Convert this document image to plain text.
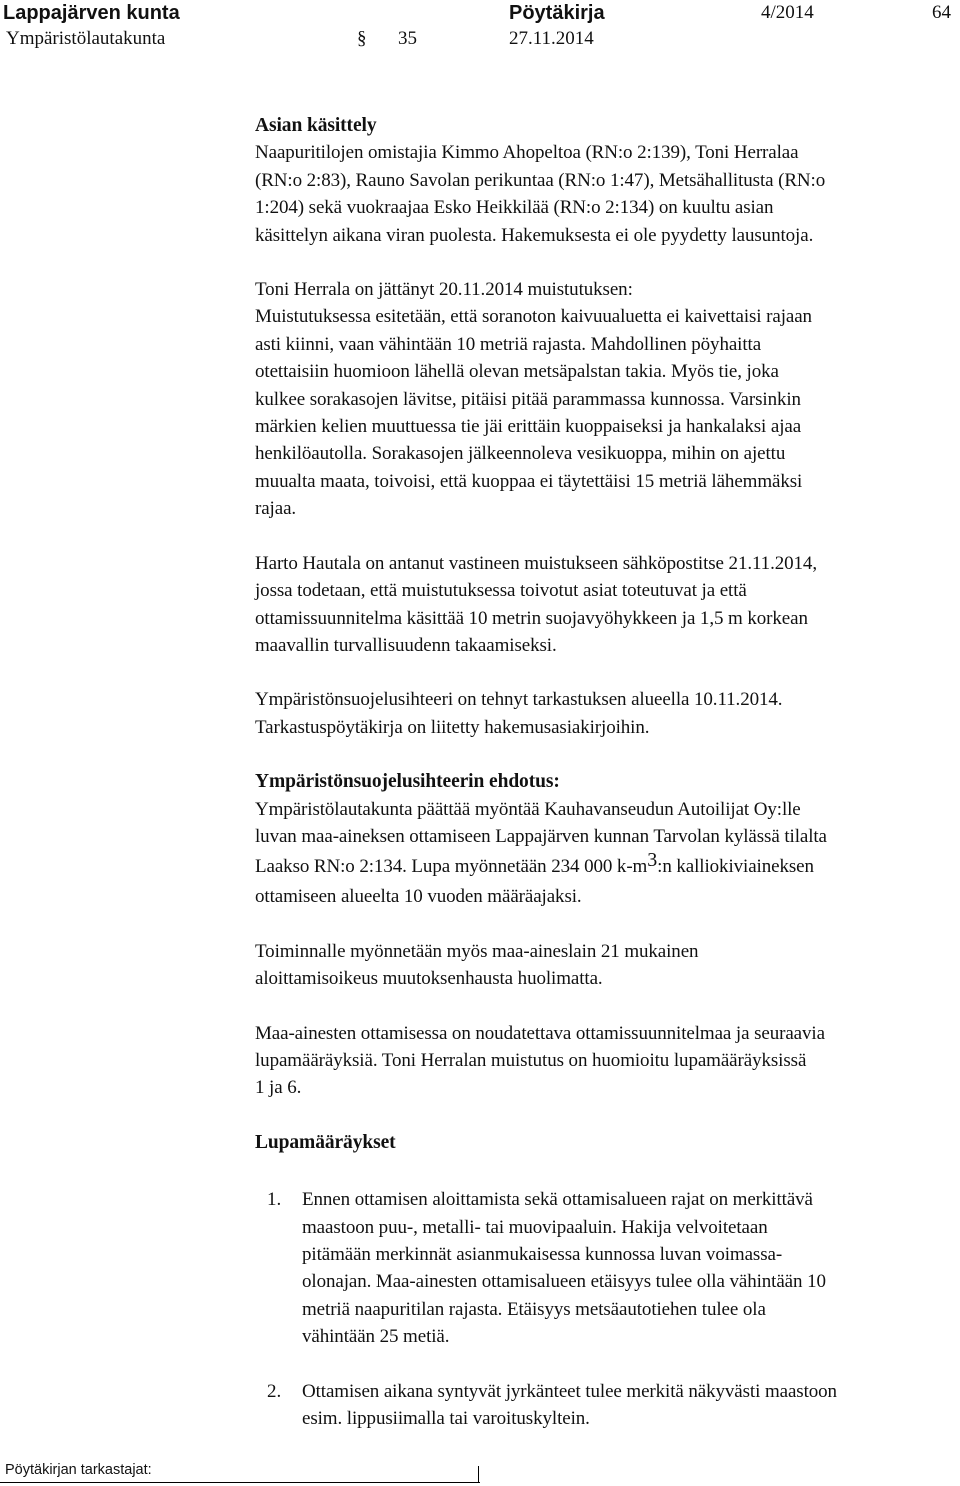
Lappajärven kunta	Pöytäkirja	4/2014	64
Ympäristölautakunta	§ 35	27.11.2014

Asian käsittely

Naapuritilojen omistajia Kimmo Ahopeltoa (RN:o 2:139), Toni Herralaa

(RN:o 2:83), Rauno Savolan perikuntaa (RN:o 1:47), Metsähallitusta (RN:o

1:204) sekä vuokraajaa Esko Heikkilää (RN:o 2:134) on kuultu asian

käsittelyn aikana viran puolesta. Hakemuksesta ei ole pyydetty lausuntoja.

Toni Herrala on jättänyt 20.11.2014 muistutuksen:

Muistutuksessa esitetään, että soranoton kaivuualuetta ei kaivettaisi rajaan

asti kiinni, vaan vähintään 10 metriä rajasta. Mahdollinen pöyhaitta

otettaisiin huomioon lähellä olevan metsäpalstan takia. Myös tie, joka

kulkee sorakasojen lävitse, pitäisi pitää parammassa kunnossa. Varsinkin

märkien kelien muuttuessa tie jäi erittäin kuoppaiseksi ja hankalaksi ajaa

henkilöautolla. Sorakasojen jälkeennoleva vesikuoppa, mihin on ajettu

muualta maata, toivoisi, että kuoppaa ei täytettäisi 15 metriä lähemmäksi

rajaa.

Harto Hautala on antanut vastineen muistukseen sähköpostitse 21.11.2014,

jossa todetaan, että muistutuksessa toivotut asiat toteutuvat ja että

ottamissuunnitelma käsittää 10 metrin suojavyöhykkeen ja 1,5 m korkean

maavallin turvallisuudenn takaamiseksi.

Ympäristönsuojelusihteeri on tehnyt tarkastuksen alueella 10.11.2014.

Tarkastuspöytäkirja on liitetty hakemusasiakirjoihin.

Ympäristönsuojelusihteerin ehdotus:

Ympäristölautakunta päättää myöntää Kauhavanseudun Autoilijat Oy:lle

luvan maa-aineksen ottamiseen Lappajärven kunnan Tarvolan kylässä tilalta

Laakso RN:o 2:134. Lupa myönnetään 234 000 k-m3:n kalliokiviaineksen

ottamiseen alueelta 10 vuoden määräajaksi.

Toiminnalle myönnetään myös maa-aineslain 21 mukainen

aloittamisoikeus muutoksenhausta huolimatta.

Maa-ainesten ottamisessa on noudatettava ottamissuunnitelmaa ja seuraavia

lupamääräyksiä. Toni Herralan muistutus on huomioitu lupamääräyksissä

1 ja 6.

Lupamääräykset

1. Ennen ottamisen aloittamista sekä ottamisalueen rajat on merkittävä

maastoon puu-, metalli- tai muovipaaluin. Hakija velvoitetaan

pitämään merkinnät asianmukaisessa kunnossa luvan voimassa-

olonajan. Maa-ainesten ottamisalueen etäisyys tulee olla vähintään 10

metriä naapuritilan rajasta. Etäisyys metsäautotiehen tulee ola

vähintään 25 metiä.

2. Ottamisen aikana syntyvät jyrkänteet tulee merkitä näkyvästi maastoon

esim. lippusiimalla tai varoituskyltein.

Pöytäkirjan tarkastajat:
